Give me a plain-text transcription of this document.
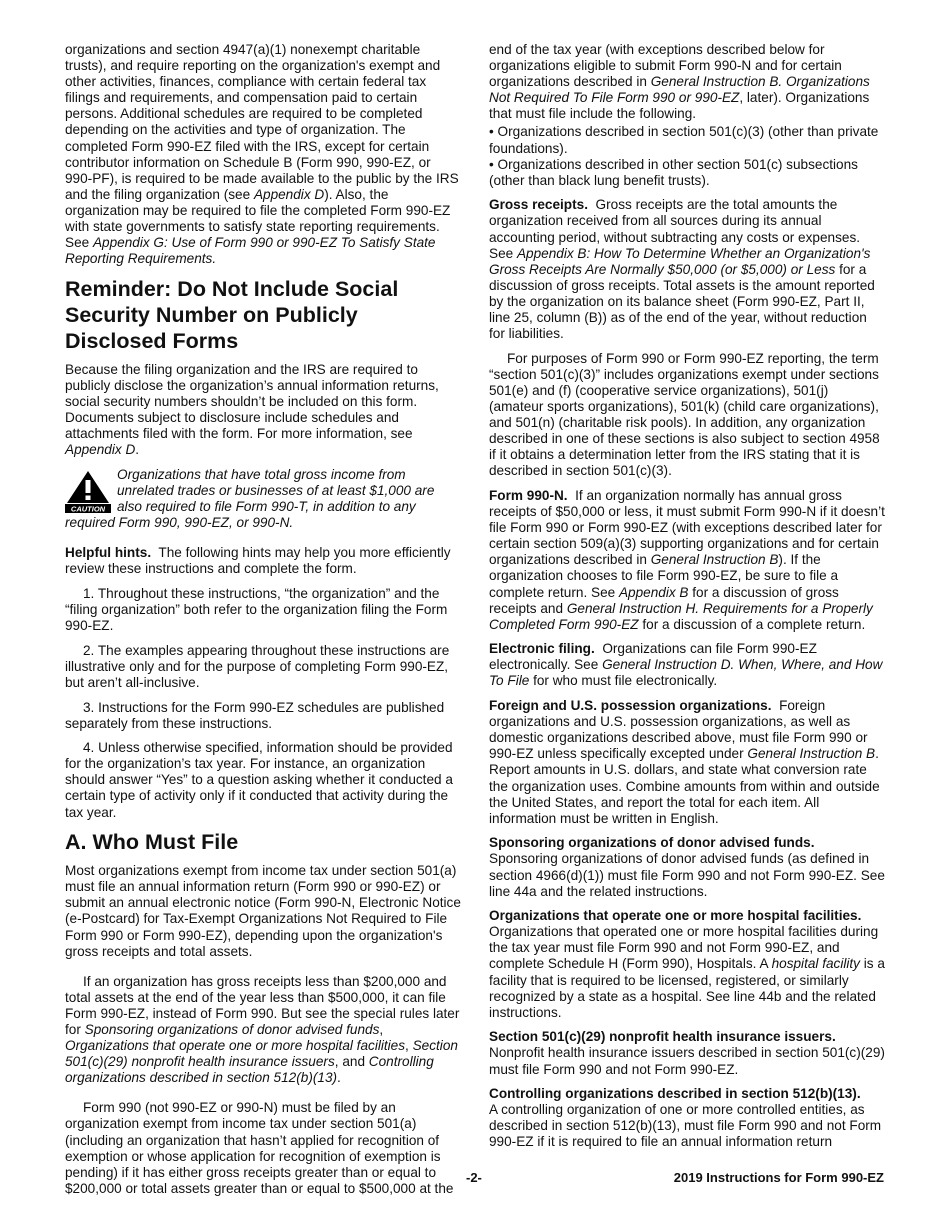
organizations and section 4947(a)(1) nonexempt charitable trusts), and require reporting on the organization's exempt and other activities, finances, compliance with certain federal tax filings and requirements, and compensation paid to certain persons. Additional schedules are required to be completed depending on the activities and type of organization. The completed Form 990-EZ filed with the IRS, except for certain contributor information on Schedule B (Form 990, 990-EZ, or 990-PF), is required to be made available to the public by the IRS and the filing organization (see Appendix D). Also, the organization may be required to file the completed Form 990-EZ with state governments to satisfy state reporting requirements. See Appendix G: Use of Form 990 or 990-EZ To Satisfy State Reporting Requirements.

Reminder: Do Not Include Social Security Number on Publicly Disclosed Forms

Because the filing organization and the IRS are required to publicly disclose the organization’s annual information returns, social security numbers shouldn’t be included on this form. Documents subject to disclosure include schedules and attachments filed with the form. For more information, see Appendix D.

CAUTION
Organizations that have total gross income from unrelated trades or businesses of at least $1,000 are also required to file Form 990-T, in addition to any required Form 990, 990-EZ, or 990-N.

Helpful hints. The following hints may help you more efficiently review these instructions and complete the form.

1. Throughout these instructions, “the organization” and the “filing organization” both refer to the organization filing the Form 990-EZ.

2. The examples appearing throughout these instructions are illustrative only and for the purpose of completing Form 990-EZ, but aren’t all-inclusive.

3. Instructions for the Form 990-EZ schedules are published separately from these instructions.

4. Unless otherwise specified, information should be provided for the organization’s tax year. For instance, an organization should answer “Yes” to a question asking whether it conducted a certain type of activity only if it conducted that activity during the tax year.

A. Who Must File

Most organizations exempt from income tax under section 501(a) must file an annual information return (Form 990 or 990-EZ) or submit an annual electronic notice (Form 990-N, Electronic Notice (e-Postcard) for Tax-Exempt Organizations Not Required to File Form 990 or Form 990-EZ), depending upon the organization's gross receipts and total assets.

If an organization has gross receipts less than $200,000 and total assets at the end of the year less than $500,000, it can file Form 990-EZ, instead of Form 990. But see the special rules later for Sponsoring organizations of donor advised funds, Organizations that operate one or more hospital facilities, Section 501(c)(29) nonprofit health insurance issuers, and Controlling organizations described in section 512(b)(13).

Form 990 (not 990-EZ or 990-N) must be filed by an organization exempt from income tax under section 501(a) (including an organization that hasn’t applied for recognition of exemption or whose application for recognition of exemption is pending) if it has either gross receipts greater than or equal to $200,000 or total assets greater than or equal to $500,000 at the

end of the tax year (with exceptions described below for organizations eligible to submit Form 990-N and for certain organizations described in General Instruction B. Organizations Not Required To File Form 990 or 990-EZ, later). Organizations that must file include the following.

• Organizations described in section 501(c)(3) (other than private foundations).

• Organizations described in other section 501(c) subsections (other than black lung benefit trusts).

Gross receipts. Gross receipts are the total amounts the organization received from all sources during its annual accounting period, without subtracting any costs or expenses. See Appendix B: How To Determine Whether an Organization's Gross Receipts Are Normally $50,000 (or $5,000) or Less for a discussion of gross receipts. Total assets is the amount reported by the organization on its balance sheet (Form 990-EZ, Part II, line 25, column (B)) as of the end of the year, without reduction for liabilities.

For purposes of Form 990 or Form 990-EZ reporting, the term “section 501(c)(3)” includes organizations exempt under sections 501(e) and (f) (cooperative service organizations), 501(j) (amateur sports organizations), 501(k) (child care organizations), and 501(n) (charitable risk pools). In addition, any organization described in one of these sections is also subject to section 4958 if it obtains a determination letter from the IRS stating that it is described in section 501(c)(3).

Form 990-N. If an organization normally has annual gross receipts of $50,000 or less, it must submit Form 990-N if it doesn’t file Form 990 or Form 990-EZ (with exceptions described later for certain section 509(a)(3) supporting organizations and for certain organizations described in General Instruction B). If the organization chooses to file Form 990-EZ, be sure to file a complete return. See Appendix B for a discussion of gross receipts and General Instruction H. Requirements for a Properly Completed Form 990-EZ for a discussion of a complete return.

Electronic filing. Organizations can file Form 990-EZ electronically. See General Instruction D. When, Where, and How To File for who must file electronically.

Foreign and U.S. possession organizations. Foreign organizations and U.S. possession organizations, as well as domestic organizations described above, must file Form 990 or 990-EZ unless specifically excepted under General Instruction B. Report amounts in U.S. dollars, and state what conversion rate the organization uses. Combine amounts from within and outside the United States, and report the total for each item. All information must be written in English.

Sponsoring organizations of donor advised funds.
Sponsoring organizations of donor advised funds (as defined in section 4966(d)(1)) must file Form 990 and not Form 990-EZ. See line 44a and the related instructions.

Organizations that operate one or more hospital facilities.
Organizations that operated one or more hospital facilities during the tax year must file Form 990 and not Form 990-EZ, and complete Schedule H (Form 990), Hospitals. A hospital facility is a facility that is required to be licensed, registered, or similarly recognized by a state as a hospital. See line 44b and the related instructions.

Section 501(c)(29) nonprofit health insurance issuers.
Nonprofit health insurance issuers described in section 501(c)(29) must file Form 990 and not Form 990-EZ.

Controlling organizations described in section 512(b)(13).
A controlling organization of one or more controlled entities, as described in section 512(b)(13), must file Form 990 and not Form 990-EZ if it is required to file an annual information return

-2-	2019 Instructions for Form 990-EZ
